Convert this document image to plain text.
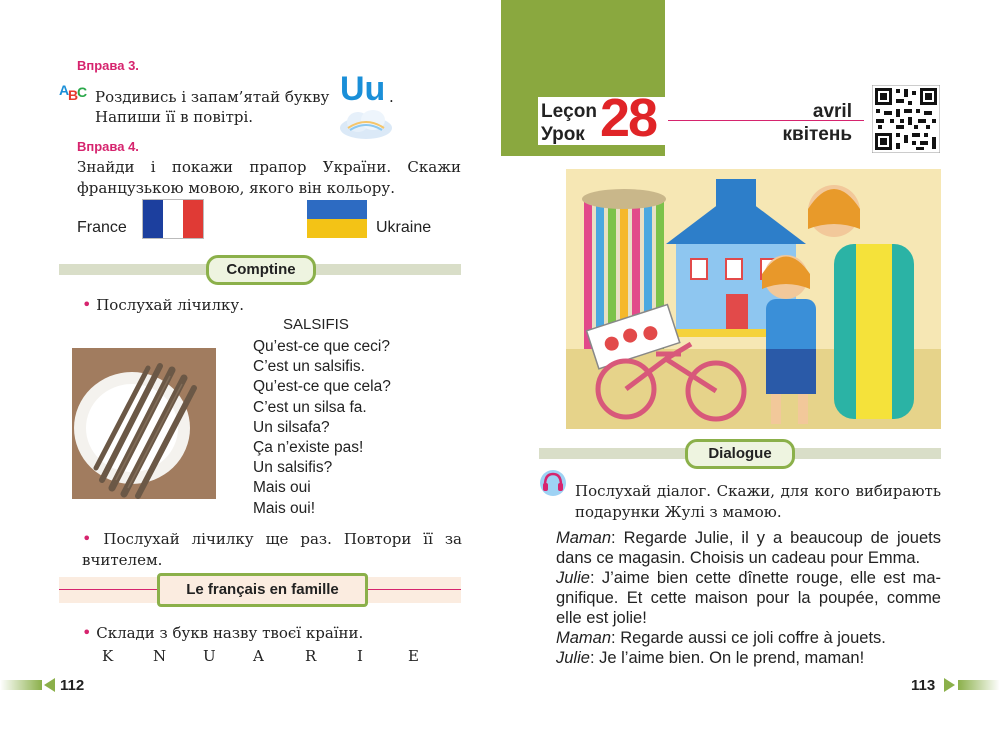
Вправа 3.
A
B
C Роздивись і запам’ятай букву Uu .
Напиши її в повітрі.
Вправа 4.
Знайди і покажи прапор України. Скажи французькою мовою, якого він кольору.
France	Ukraine
Comptine
• Послухай лічилку.
SALSIFIS
Qu’est-ce que ceci?
C’est un salsifis.
Qu’est-ce que cela?
C’est un silsa fa.
Un silsafa?
Ça n’existe pas!
Un salsifis?
Mais oui
Mais oui!
• Послухай лічилку ще раз. Повтори її за вчителем.
Le français en famille
• Склади з букв назву твоєї країни.
K	N U A	R	I	E
112
Leçon
Урок 28	avril
квітень
Dialogue
Послухай діалог. Скажи, для кого вибирають подарунки Жулі з мамою.
Maman: Regarde Julie, il y a beaucoup de jouets dans ce magasin. Choisis un cadeau pour Emma.
Julie: J’aime bien cette dînette rouge, elle est ma-gnifique. Et cette maison pour la poupée, comme elle est jolie!
Maman: Regarde aussi ce joli coffre à jouets.
Julie: Je l’aime bien. On le prend, maman!
113
